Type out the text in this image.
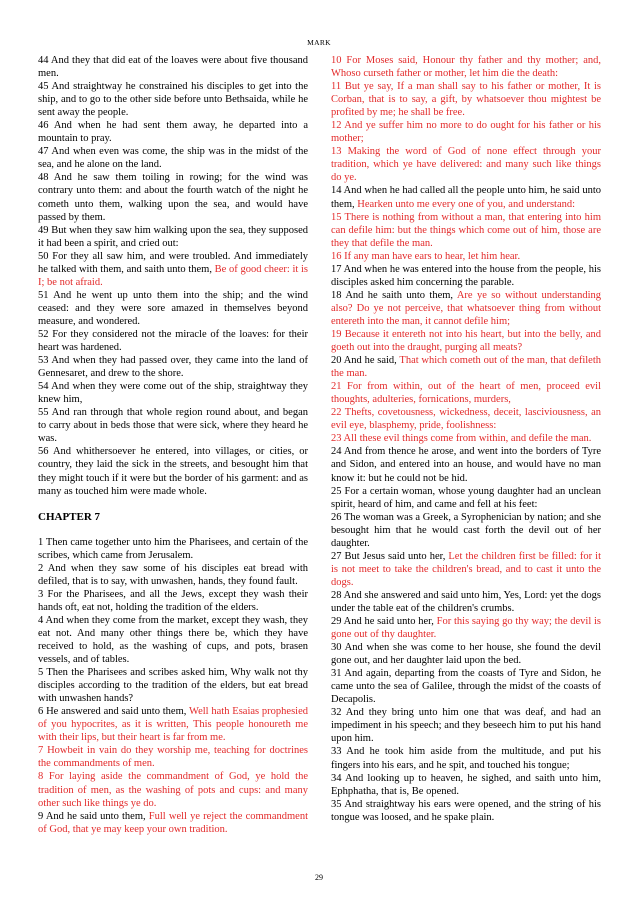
MARK

44 And they that did eat of the loaves were about five thousand men.

45 And straightway he constrained his disciples to get into the ship, and to go to the other side before unto Bethsaida, while he sent away the people.

46 And when he had sent them away, he departed into a mountain to pray.

47 And when even was come, the ship was in the midst of the sea, and he alone on the land.

48 And he saw them toiling in rowing; for the wind was contrary unto them: and about the fourth watch of the night he cometh unto them, walking upon the sea, and would have passed by them.

49 But when they saw him walking upon the sea, they supposed it had been a spirit, and cried out:

50 For they all saw him, and were troubled. And immediately he talked with them, and saith unto them, Be of good cheer: it is I; be not afraid.

51 And he went up unto them into the ship; and the wind ceased: and they were sore amazed in themselves beyond measure, and wondered.

52 For they considered not the miracle of the loaves: for their heart was hardened.

53 And when they had passed over, they came into the land of Gennesaret, and drew to the shore.

54 And when they were come out of the ship, straightway they knew him,

55 And ran through that whole region round about, and began to carry about in beds those that were sick, where they heard he was.

56 And whithersoever he entered, into villages, or cities, or country, they laid the sick in the streets, and besought him that they might touch if it were but the border of his garment: and as many as touched him were made whole.

CHAPTER 7

1 Then came together unto him the Pharisees, and certain of the scribes, which came from Jerusalem.

2 And when they saw some of his disciples eat bread with defiled, that is to say, with unwashen, hands, they found fault.

3 For the Pharisees, and all the Jews, except they wash their hands oft, eat not, holding the tradition of the elders.

4 And when they come from the market, except they wash, they eat not. And many other things there be, which they have received to hold, as the washing of cups, and pots, brasen vessels, and of tables.

5 Then the Pharisees and scribes asked him, Why walk not thy disciples according to the tradition of the elders, but eat bread with unwashen hands?

6 He answered and said unto them, Well hath Esaias prophesied of you hypocrites, as it is written, This people honoureth me with their lips, but their heart is far from me.

7 Howbeit in vain do they worship me, teaching for doctrines the commandments of men.

8 For laying aside the commandment of God, ye hold the tradition of men, as the washing of pots and cups: and many other such like things ye do.

9 And he said unto them, Full well ye reject the commandment of God, that ye may keep your own tradition.

10 For Moses said, Honour thy father and thy mother; and, Whoso curseth father or mother, let him die the death:

11 But ye say, If a man shall say to his father or mother, It is Corban, that is to say, a gift, by whatsoever thou mightest be profited by me; he shall be free.

12 And ye suffer him no more to do ought for his father or his mother;

13 Making the word of God of none effect through your tradition, which ye have delivered: and many such like things do ye.

14 And when he had called all the people unto him, he said unto them, Hearken unto me every one of you, and understand:

15 There is nothing from without a man, that entering into him can defile him: but the things which come out of him, those are they that defile the man.

16 If any man have ears to hear, let him hear.

17 And when he was entered into the house from the people, his disciples asked him concerning the parable.

18 And he saith unto them, Are ye so without understanding also? Do ye not perceive, that whatsoever thing from without entereth into the man, it cannot defile him;

19 Because it entereth not into his heart, but into the belly, and goeth out into the draught, purging all meats?

20 And he said, That which cometh out of the man, that defileth the man.

21 For from within, out of the heart of men, proceed evil thoughts, adulteries, fornications, murders,

22 Thefts, covetousness, wickedness, deceit, lasciviousness, an evil eye, blasphemy, pride, foolishness:

23 All these evil things come from within, and defile the man.

24 And from thence he arose, and went into the borders of Tyre and Sidon, and entered into an house, and would have no man know it: but he could not be hid.

25 For a certain woman, whose young daughter had an unclean spirit, heard of him, and came and fell at his feet:

26 The woman was a Greek, a Syrophenician by nation; and she besought him that he would cast forth the devil out of her daughter.

27 But Jesus said unto her, Let the children first be filled: for it is not meet to take the children's bread, and to cast it unto the dogs.

28 And she answered and said unto him, Yes, Lord: yet the dogs under the table eat of the children's crumbs.

29 And he said unto her, For this saying go thy way; the devil is gone out of thy daughter.

30 And when she was come to her house, she found the devil gone out, and her daughter laid upon the bed.

31 And again, departing from the coasts of Tyre and Sidon, he came unto the sea of Galilee, through the midst of the coasts of Decapolis.

32 And they bring unto him one that was deaf, and had an impediment in his speech; and they beseech him to put his hand upon him.

33 And he took him aside from the multitude, and put his fingers into his ears, and he spit, and touched his tongue;

34 And looking up to heaven, he sighed, and saith unto him, Ephphatha, that is, Be opened.

35 And straightway his ears were opened, and the string of his tongue was loosed, and he spake plain.

29
